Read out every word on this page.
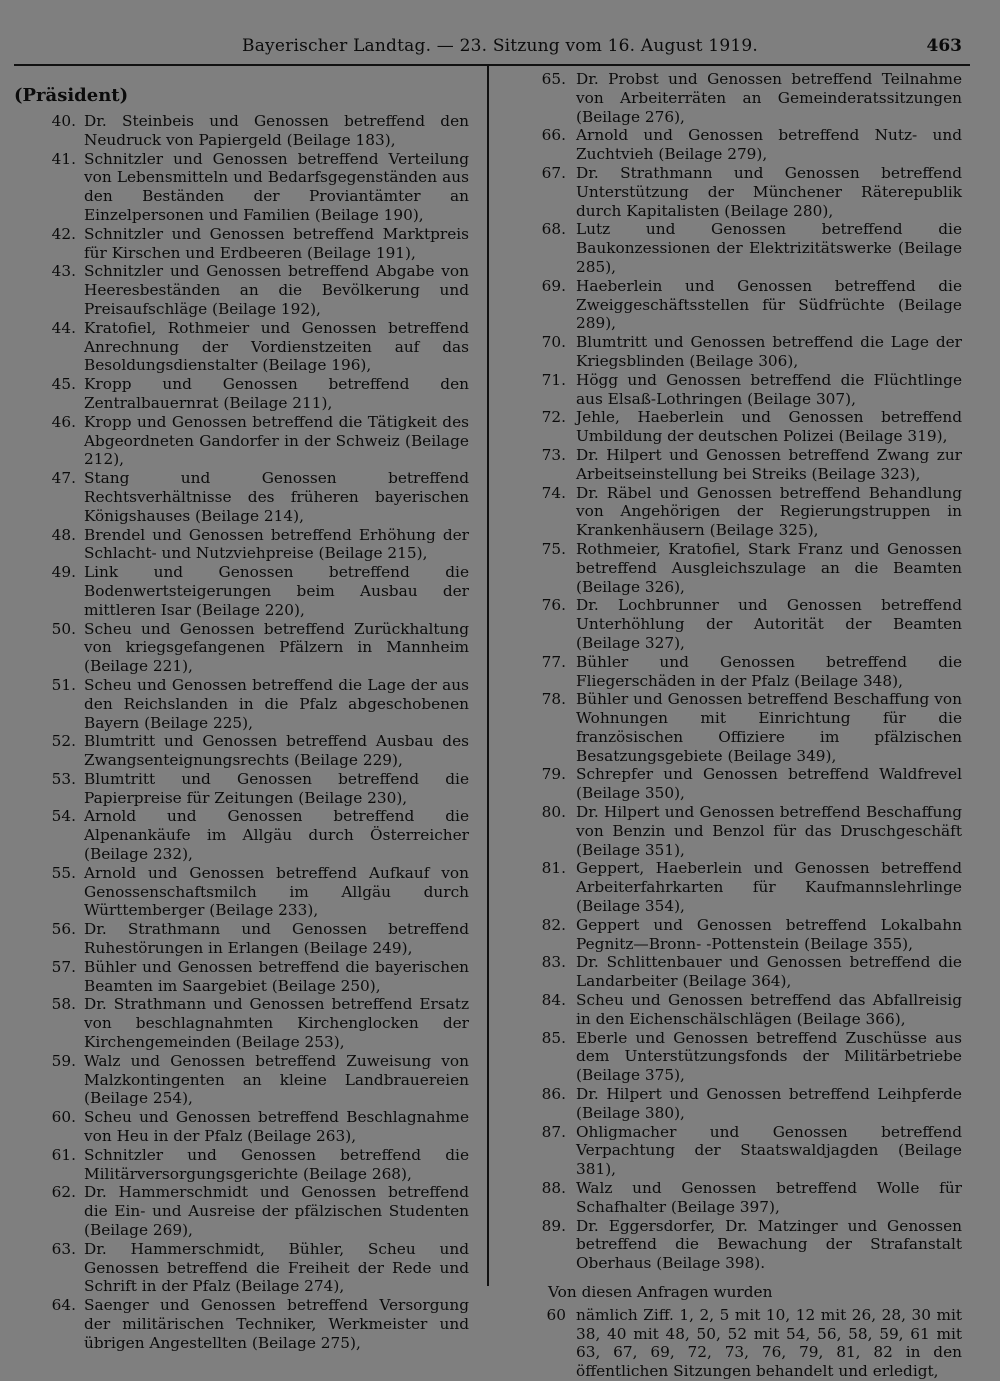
Bayerischer Landtag. — 23. Sitzung vom 16. August 1919.	463
(Präsident)
40. Dr. Steinbeis und Genossen betreffend den Neudruck von Papiergeld (Beilage 183),
41. Schnitzler und Genossen betreffend Verteilung von Lebensmitteln und Bedarfsgegenständen aus den Beständen der Proviantämter an Einzelpersonen und Familien (Beilage 190),
42. Schnitzler und Genossen betreffend Marktpreis für Kirschen und Erdbeeren (Beilage 191),
43. Schnitzler und Genossen betreffend Abgabe von Heeresbeständen an die Bevölkerung und Preisaufschläge (Beilage 192),
44. Kratofiel, Rothmeier und Genossen betreffend Anrechnung der Vordienstzeiten auf das Besoldungsdienstalter (Beilage 196),
45. Kropp und Genossen betreffend den Zentralbauernrat (Beilage 211),
46. Kropp und Genossen betreffend die Tätigkeit des Abgeordneten Gandorfer in der Schweiz (Beilage 212),
47. Stang und Genossen betreffend Rechtsverhältnisse des früheren bayerischen Königshauses (Beilage 214),
48. Brendel und Genossen betreffend Erhöhung der Schlacht- und Nutzviehpreise (Beilage 215),
49. Link und Genossen betreffend die Bodenwertsteigerungen beim Ausbau der mittleren Isar (Beilage 220),
50. Scheu und Genossen betreffend Zurückhaltung von kriegsgefangenen Pfälzern in Mannheim (Beilage 221),
51. Scheu und Genossen betreffend die Lage der aus den Reichslanden in die Pfalz abgeschobenen Bayern (Beilage 225),
52. Blumtritt und Genossen betreffend Ausbau des Zwangsenteignungsrechts (Beilage 229),
53. Blumtritt und Genossen betreffend die Papierpreise für Zeitungen (Beilage 230),
54. Arnold und Genossen betreffend die Alpenankäufe im Allgäu durch Österreicher (Beilage 232),
55. Arnold und Genossen betreffend Aufkauf von Genossenschaftsmilch im Allgäu durch Württemberger (Beilage 233),
56. Dr. Strathmann und Genossen betreffend Ruhestörungen in Erlangen (Beilage 249),
57. Bühler und Genossen betreffend die bayerischen Beamten im Saargebiet (Beilage 250),
58. Dr. Strathmann und Genossen betreffend Ersatz von beschlagnahmten Kirchenglocken der Kirchengemeinden (Beilage 253),
59. Walz und Genossen betreffend Zuweisung von Malzkontingenten an kleine Landbrauereien (Beilage 254),
60. Scheu und Genossen betreffend Beschlagnahme von Heu in der Pfalz (Beilage 263),
61. Schnitzler und Genossen betreffend die Militärversorgungsgerichte (Beilage 268),
62. Dr. Hammerschmidt und Genossen betreffend die Ein- und Ausreise der pfälzischen Studenten (Beilage 269),
63. Dr. Hammerschmidt, Bühler, Scheu und Genossen betreffend die Freiheit der Rede und Schrift in der Pfalz (Beilage 274),
64. Saenger und Genossen betreffend Versorgung der militärischen Techniker, Werkmeister und übrigen Angestellten (Beilage 275),
65. Dr. Probst und Genossen betreffend Teilnahme von Arbeiterräten an Gemeinderatssitzungen (Beilage 276),
66. Arnold und Genossen betreffend Nutz- und Zuchtvieh (Beilage 279),
67. Dr. Strathmann und Genossen betreffend Unterstützung der Münchener Räterepublik durch Kapitalisten (Beilage 280),
68. Lutz und Genossen betreffend die Baukonzessionen der Elektrizitätswerke (Beilage 285),
69. Haeberlein und Genossen betreffend die Zweiggeschäftsstellen für Südfrüchte (Beilage 289),
70. Blumtritt und Genossen betreffend die Lage der Kriegsblinden (Beilage 306),
71. Högg und Genossen betreffend die Flüchtlinge aus Elsaß-Lothringen (Beilage 307),
72. Jehle, Haeberlein und Genossen betreffend Umbildung der deutschen Polizei (Beilage 319),
73. Dr. Hilpert und Genossen betreffend Zwang zur Arbeitseinstellung bei Streiks (Beilage 323),
74. Dr. Räbel und Genossen betreffend Behandlung von Angehörigen der Regierungstruppen in Krankenhäusern (Beilage 325),
75. Rothmeier, Kratofiel, Stark Franz und Genossen betreffend Ausgleichszulage an die Beamten (Beilage 326),
76. Dr. Lochbrunner und Genossen betreffend Unterhöhlung der Autorität der Beamten (Beilage 327),
77. Bühler und Genossen betreffend die Fliegerschäden in der Pfalz (Beilage 348),
78. Bühler und Genossen betreffend Beschaffung von Wohnungen mit Einrichtung für die französischen Offiziere im pfälzischen Besatzungsgebiete (Beilage 349),
79. Schrepfer und Genossen betreffend Waldfrevel (Beilage 350),
80. Dr. Hilpert und Genossen betreffend Beschaffung von Benzin und Benzol für das Druschgeschäft (Beilage 351),
81. Geppert, Haeberlein und Genossen betreffend Arbeiterfahrkarten für Kaufmannslehrlinge (Beilage 354),
82. Geppert und Genossen betreffend Lokalbahn Pegnitz—Bronn- -Pottenstein (Beilage 355),
83. Dr. Schlittenbauer und Genossen betreffend die Landarbeiter (Beilage 364),
84. Scheu und Genossen betreffend das Abfallreisig in den Eichenschälschlägen (Beilage 366),
85. Eberle und Genossen betreffend Zuschüsse aus dem Unterstützungsfonds der Militärbetriebe (Beilage 375),
86. Dr. Hilpert und Genossen betreffend Leihpferde (Beilage 380),
87. Ohligmacher und Genossen betreffend Verpachtung der Staatswaldjagden (Beilage 381),
88. Walz und Genossen betreffend Wolle für Schafhalter (Beilage 397),
89. Dr. Eggersdorfer, Dr. Matzinger und Genossen betreffend die Bewachung der Strafanstalt Oberhaus (Beilage 398).
Von diesen Anfragen wurden
60 nämlich Ziff. 1, 2, 5 mit 10, 12 mit 26, 28, 30 mit 38, 40 mit 48, 50, 52 mit 54, 56, 58, 59, 61 mit 63, 67, 69, 72, 73, 76, 79, 81, 82 in den öffentlichen Sitzungen behandelt und erledigt,
